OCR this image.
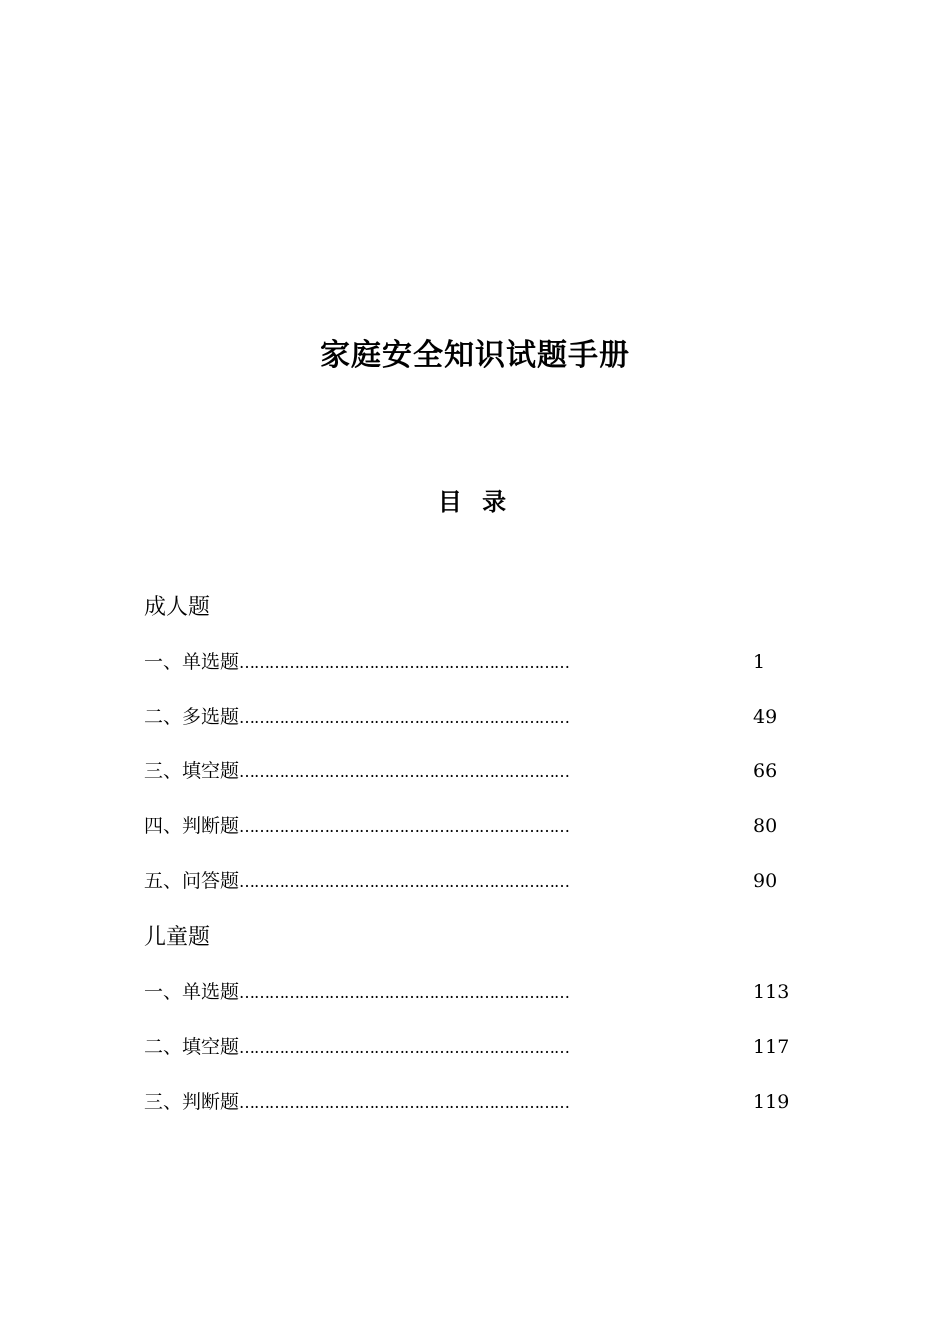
家庭安全知识试题手册
目 录
成人题
一、单选题 …………………………………………………………	1
二、多选题 …………………………………………………………	49
三、填空题 …………………………………………………………	66
四、判断题 …………………………………………………………	80
五、问答题 …………………………………………………………	90
儿童题
一、单选题 …………………………………………………………	113
二、填空题 …………………………………………………………	117
三、判断题 …………………………………………………………	119
